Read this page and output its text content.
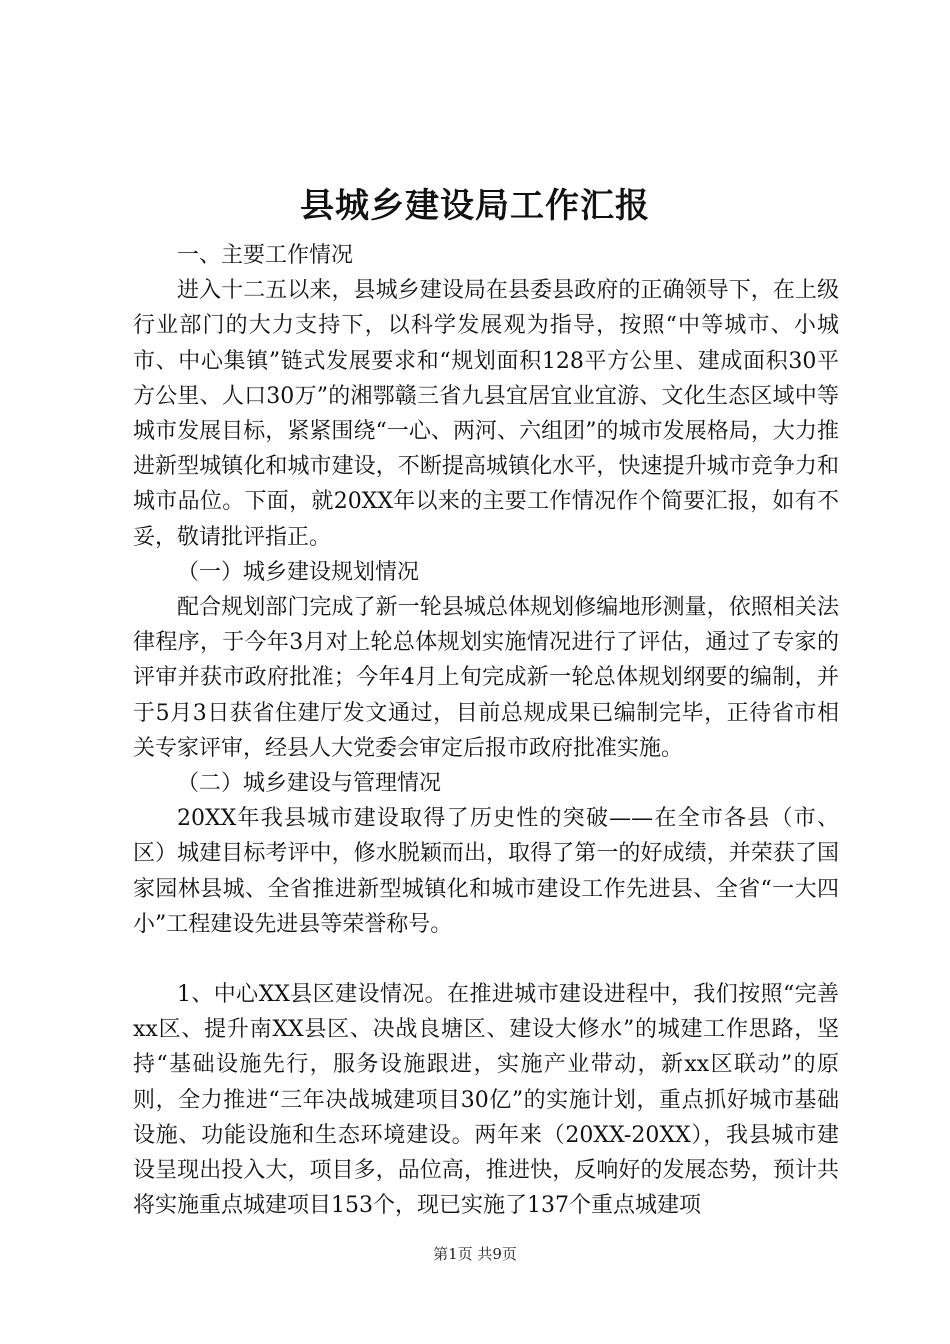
县城乡建设局工作汇报

一、主要工作情况

进入十二五以来，县城乡建设局在县委县政府的正确领导下，在上级行业部门的大力支持下，以科学发展观为指导，按照“中等城市、小城市、中心集镇”链式发展要求和“规划面积128平方公里、建成面积30平方公里、人口30万”的湘鄂赣三省九县宜居宜业宜游、文化生态区域中等城市发展目标，紧紧围绕“一心、两河、六组团”的城市发展格局，大力推进新型城镇化和城市建设，不断提高城镇化水平，快速提升城市竞争力和城市品位。下面，就20XX年以来的主要工作情况作个简要汇报，如有不妥，敬请批评指正。

（一）城乡建设规划情况

配合规划部门完成了新一轮县城总体规划修编地形测量，依照相关法律程序，于今年3月对上轮总体规划实施情况进行了评估，通过了专家的评审并获市政府批准；今年4月上旬完成新一轮总体规划纲要的编制，并于5月3日获省住建厅发文通过，目前总规成果已编制完毕，正待省市相关专家评审，经县人大党委会审定后报市政府批准实施。

（二）城乡建设与管理情况

20XX年我县城市建设取得了历史性的突破——在全市各县（市、区）城建目标考评中，修水脱颖而出，取得了第一的好成绩，并荣获了国家园林县城、全省推进新型城镇化和城市建设工作先进县、全省“一大四小”工程建设先进县等荣誉称号。

1、中心XX县区建设情况。在推进城市建设进程中，我们按照“完善xx区、提升南XX县区、决战良塘区、建设大修水”的城建工作思路，坚持“基础设施先行，服务设施跟进，实施产业带动，新xx区联动”的原则，全力推进“三年决战城建项目30亿”的实施计划，重点抓好城市基础设施、功能设施和生态环境建设。两年来（20XX-20XX），我县城市建设呈现出投入大，项目多，品位高，推进快，反响好的发展态势，预计共将实施重点城建项目153个，现已实施了137个重点城建项

第1页 共9页
